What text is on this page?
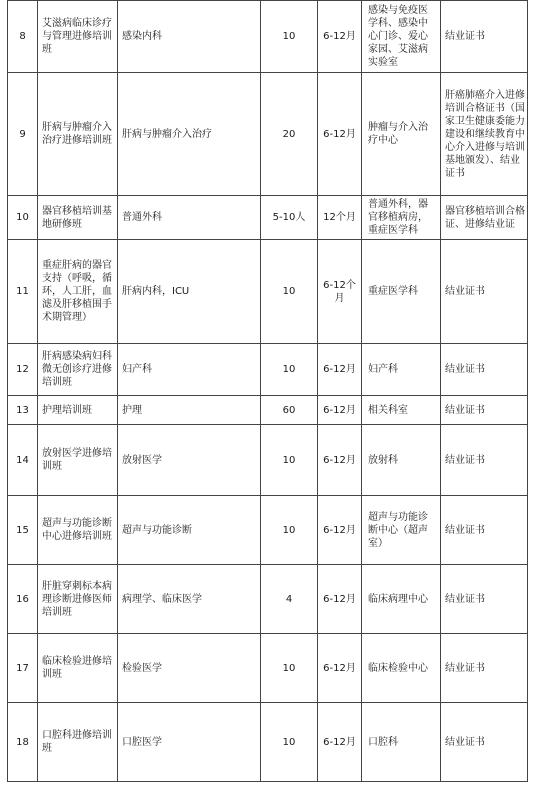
8	艾滋病临床诊疗与管理进修培训班	感染内科	10	6-12月	感染与免疫医学科、感染中心门诊、爱心家园、艾滋病实验室	结业证书
9	肝病与肿瘤介入治疗进修培训班	肝病与肿瘤介入治疗	20	6-12月	肿瘤与介入治疗中心	肝癌肺癌介入进修培训合格证书（国家卫生健康委能力建设和继续教育中心介入进修与培训基地颁发）、结业证书
10	器官移植培训基地研修班	普通外科	5-10人	12个月	普通外科，器官移植病房，重症医学科	器官移植培训合格证、进修结业证
11	重症肝病的器官支持（呼吸，循环，人工肝，血滤及肝移植围手术期管理）	肝病内科，ICU	10	6-12个月	重症医学科	结业证书
12	肝病感染病妇科微无创诊疗进修培训班	妇产科	10	6-12月	妇产科	结业证书
13	护理培训班	护理	60	6-12月	相关科室	结业证书
14	放射医学进修培训班	放射医学	10	6-12月	放射科	结业证书
15	超声与功能诊断中心进修培训班	超声与功能诊断	10	6-12月	超声与功能诊断中心（超声室）	结业证书
16	肝脏穿刺标本病理诊断进修医师培训班	病理学、临床医学	4	6-12月	临床病理中心	结业证书
17	临床检验进修培训班	检验医学	10	6-12月	临床检验中心	结业证书
18	口腔科进修培训班	口腔医学	10	6-12月	口腔科	结业证书
